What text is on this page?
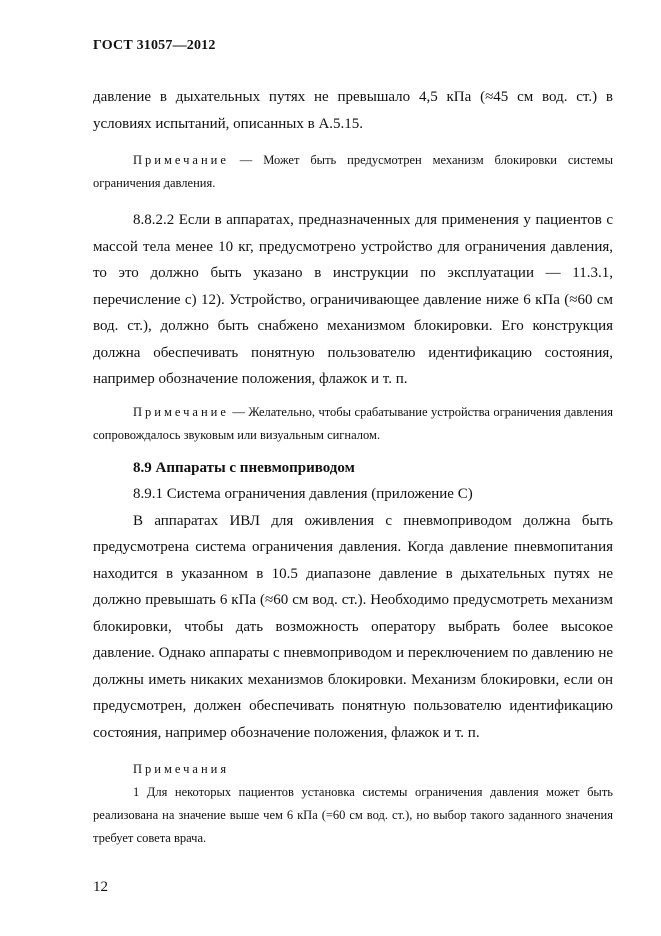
ГОСТ 31057—2012

давление в дыхательных путях не превышало 4,5 кПа (≈45 см вод. ст.) в условиях испытаний, описанных в А.5.15.

Примечание — Может быть предусмотрен механизм блокировки системы ограничения давления.

8.8.2.2 Если в аппаратах, предназначенных для применения у пациентов с массой тела менее 10 кг, предусмотрено устройство для ограничения давления, то это должно быть указано в инструкции по эксплуатации — 11.3.1, перечисление с) 12). Устройство, ограничивающее давление ниже 6 кПа (≈60 см вод. ст.), должно быть снабжено механизмом блокировки. Его конструкция должна обеспечивать понятную пользователю идентификацию состояния, например обозначение положения, флажок и т. п.

Примечание — Желательно, чтобы срабатывание устройства ограничения давления сопровождалось звуковым или визуальным сигналом.

8.9 Аппараты с пневмоприводом

8.9.1 Система ограничения давления (приложение С)

В аппаратах ИВЛ для оживления с пневмоприводом должна быть предусмотрена система ограничения давления. Когда давление пневмопитания находится в указанном в 10.5 диапазоне давление в дыхательных путях не должно превышать 6 кПа (≈60 см вод. ст.). Необходимо предусмотреть механизм блокировки, чтобы дать возможность оператору выбрать более высокое давление. Однако аппараты с пневмоприводом и переключением по давлению не должны иметь никаких механизмов блокировки. Механизм блокировки, если он предусмотрен, должен обеспечивать понятную пользователю идентификацию состояния, например обозначение положения, флажок и т. п.

Примечания

1 Для некоторых пациентов установка системы ограничения давления может быть реализована на значение выше чем 6 кПа (=60 см вод. ст.), но выбор такого заданного значения требует совета врача.

12
